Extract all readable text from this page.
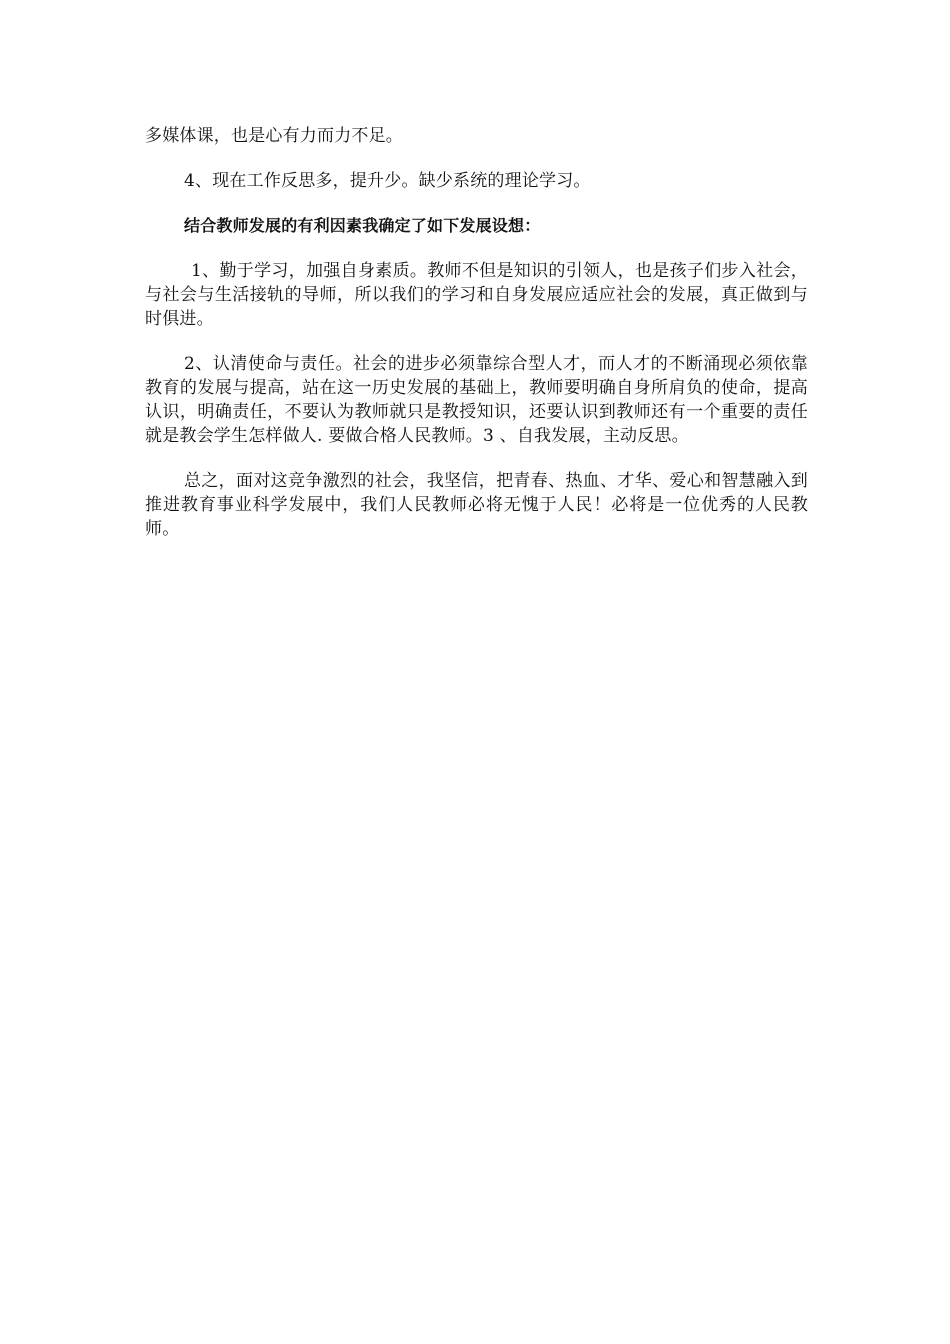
多媒体课，也是心有力而力不足。

4、现在工作反思多，提升少。缺少系统的理论学习。

结合教师发展的有利因素我确定了如下发展设想：

1、勤于学习，加强自身素质。教师不但是知识的引领人，也是孩子们步入社会，与社会与生活接轨的导师，所以我们的学习和自身发展应适应社会的发展，真正做到与时俱进。

2、认清使命与责任。社会的进步必须靠综合型人才，而人才的不断涌现必须依靠教育的发展与提高，站在这一历史发展的基础上，教师要明确自身所肩负的使命，提高认识，明确责任，不要认为教师就只是教授知识，还要认识到教师还有一个重要的责任就是教会学生怎样做人. 要做合格人民教师。3 、自我发展，主动反思。

总之，面对这竞争激烈的社会，我坚信，把青春、热血、才华、爱心和智慧融入到推进教育事业科学发展中，我们人民教师必将无愧于人民！必将是一位优秀的人民教师。
